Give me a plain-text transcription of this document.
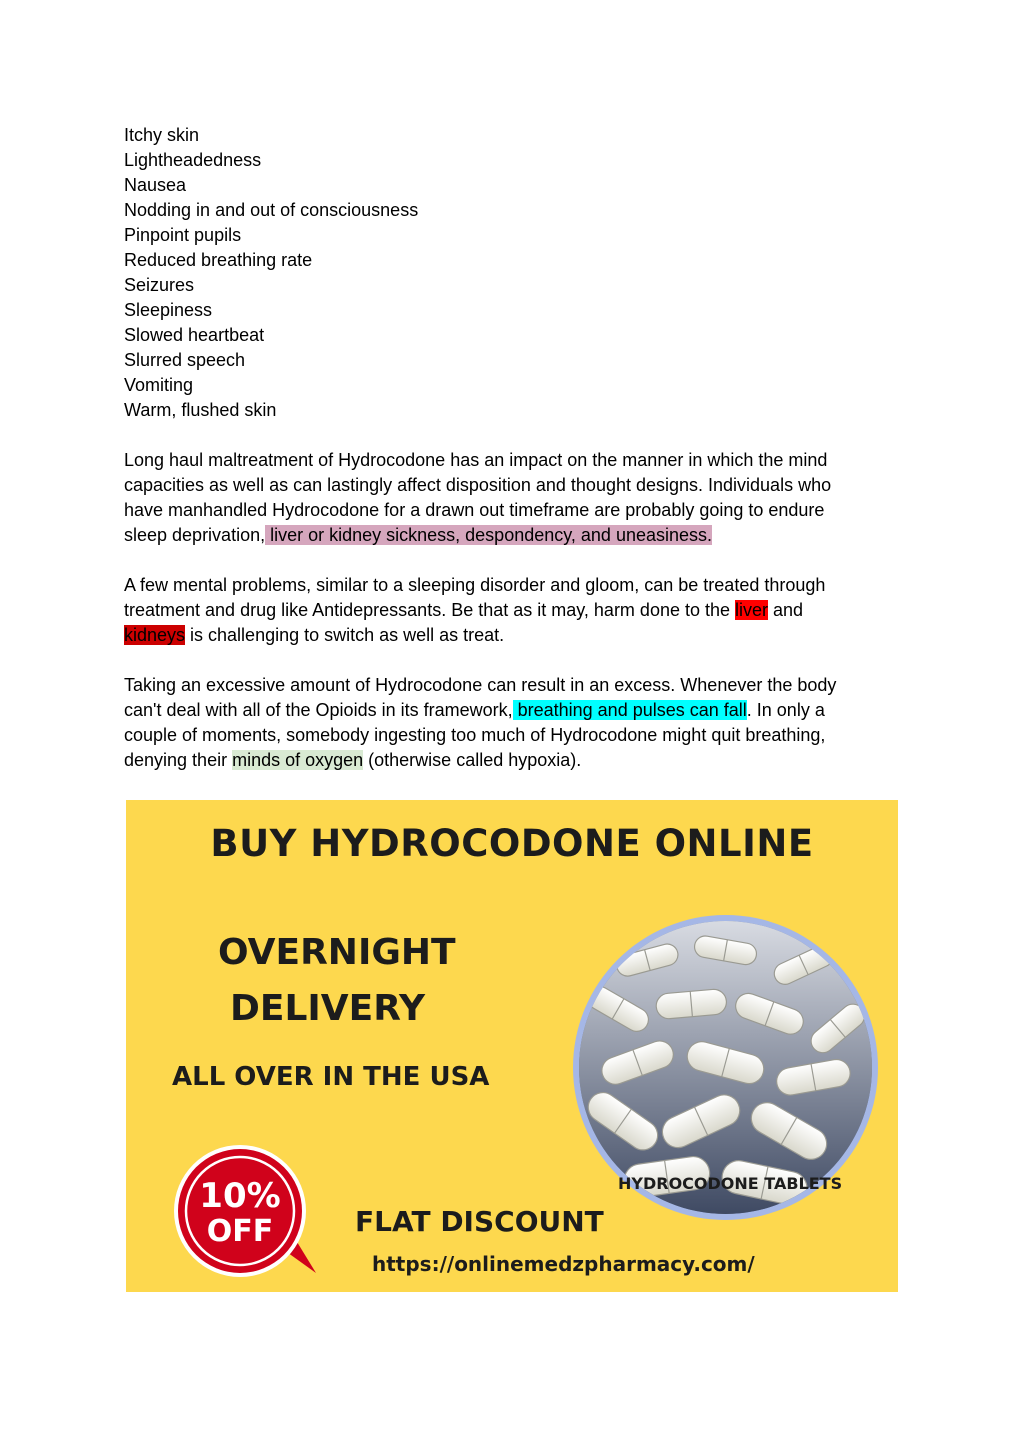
Itchy skin
Lightheadedness
Nausea
Nodding in and out of consciousness
Pinpoint pupils
Reduced breathing rate
Seizures
Sleepiness
Slowed heartbeat
Slurred speech
Vomiting
Warm, flushed skin

Long haul maltreatment of Hydrocodone has an impact on the manner in which the mind
capacities as well as can lastingly affect disposition and thought designs. Individuals who
have manhandled Hydrocodone for a drawn out timeframe are probably going to endure
sleep deprivation, liver or kidney sickness, despondency, and uneasiness.

A few mental problems, similar to a sleeping disorder and gloom, can be treated through
treatment and drug like Antidepressants. Be that as it may, harm done to the liver and
kidneys is challenging to switch as well as treat.

Taking an excessive amount of Hydrocodone can result in an excess. Whenever the body
can't deal with all of the Opioids in its framework, breathing and pulses can fall. In only a
couple of moments, somebody ingesting too much of Hydrocodone might quit breathing,
denying their minds of oxygen (otherwise called hypoxia).

BUY HYDROCODONE ONLINE
OVERNIGHT
DELIVERY
ALL OVER IN THE USA
HYDROCODONE TABLETS
10%
OFF	FLAT DISCOUNT
https://onlinemedzpharmacy.com/
